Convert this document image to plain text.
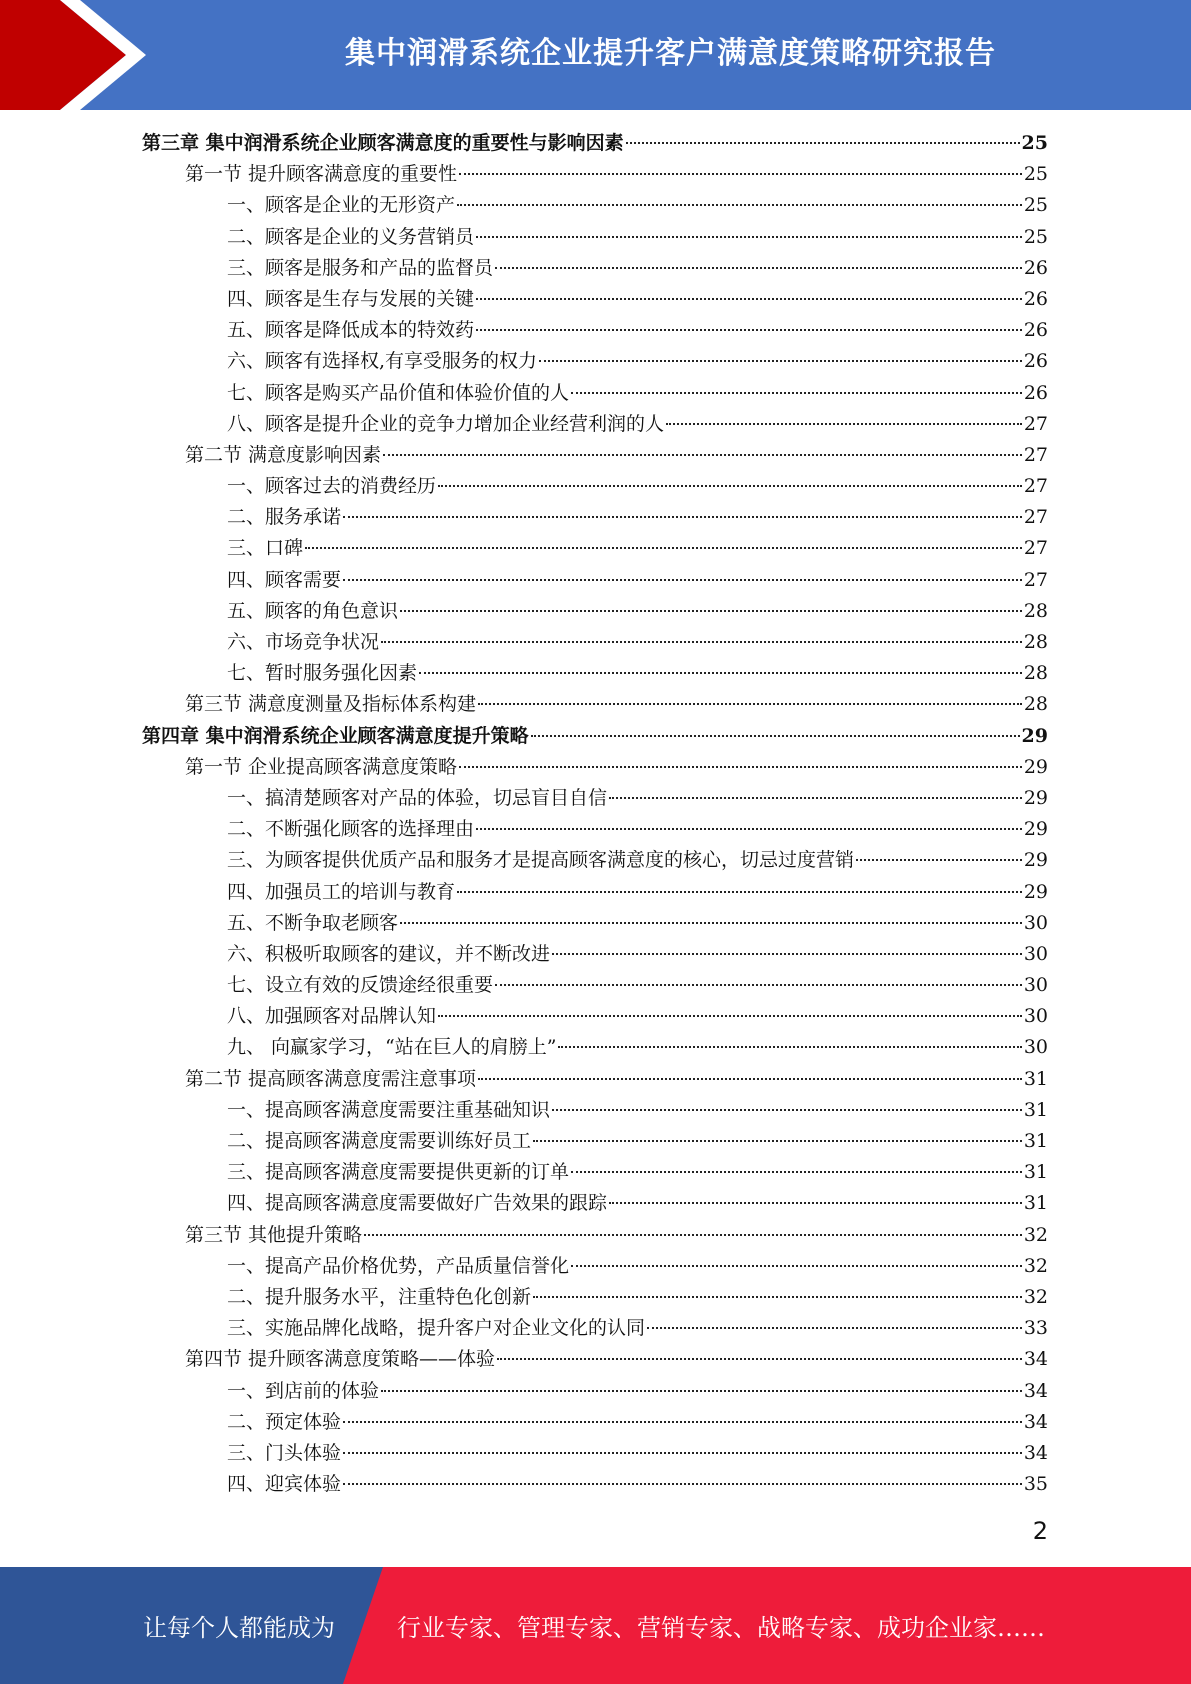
集中润滑系统企业提升客户满意度策略研究报告
第三章 集中润滑系统企业顾客满意度的重要性与影响因素	25
第一节 提升顾客满意度的重要性	25
一、顾客是企业的无形资产	25
二、顾客是企业的义务营销员	25
三、顾客是服务和产品的监督员	26
四、顾客是生存与发展的关键	26
五、顾客是降低成本的特效药	26
六、顾客有选择权,有享受服务的权力	26
七、顾客是购买产品价值和体验价值的人	26
八、顾客是提升企业的竞争力增加企业经营利润的人	27
第二节 满意度影响因素	27
一、顾客过去的消费经历	27
二、服务承诺	27
三、口碑	27
四、顾客需要	27
五、顾客的角色意识	28
六、市场竞争状况	28
七、暂时服务强化因素	28
第三节 满意度测量及指标体系构建	28
第四章 集中润滑系统企业顾客满意度提升策略	29
第一节 企业提高顾客满意度策略	29
一、搞清楚顾客对产品的体验，切忌盲目自信	29
二、不断强化顾客的选择理由	29
三、为顾客提供优质产品和服务才是提高顾客满意度的核心，切忌过度营销	29
四、加强员工的培训与教育	29
五、不断争取老顾客	30
六、积极听取顾客的建议，并不断改进	30
七、设立有效的反馈途经很重要	30
八、加强顾客对品牌认知	30
九、 向赢家学习，“站在巨人的肩膀上”	30
第二节 提高顾客满意度需注意事项	31
一、提高顾客满意度需要注重基础知识	31
二、提高顾客满意度需要训练好员工	31
三、提高顾客满意度需要提供更新的订单	31
四、提高顾客满意度需要做好广告效果的跟踪	31
第三节 其他提升策略	32
一、提高产品价格优势，产品质量信誉化	32
二、提升服务水平，注重特色化创新	32
三、实施品牌化战略，提升客户对企业文化的认同	33
第四节 提升顾客满意度策略——体验	34
一、到店前的体验	34
二、预定体验	34
三、门头体验	34
四、迎宾体验	35
2
让每个人都能成为	行业专家、管理专家、营销专家、战略专家、成功企业家……
